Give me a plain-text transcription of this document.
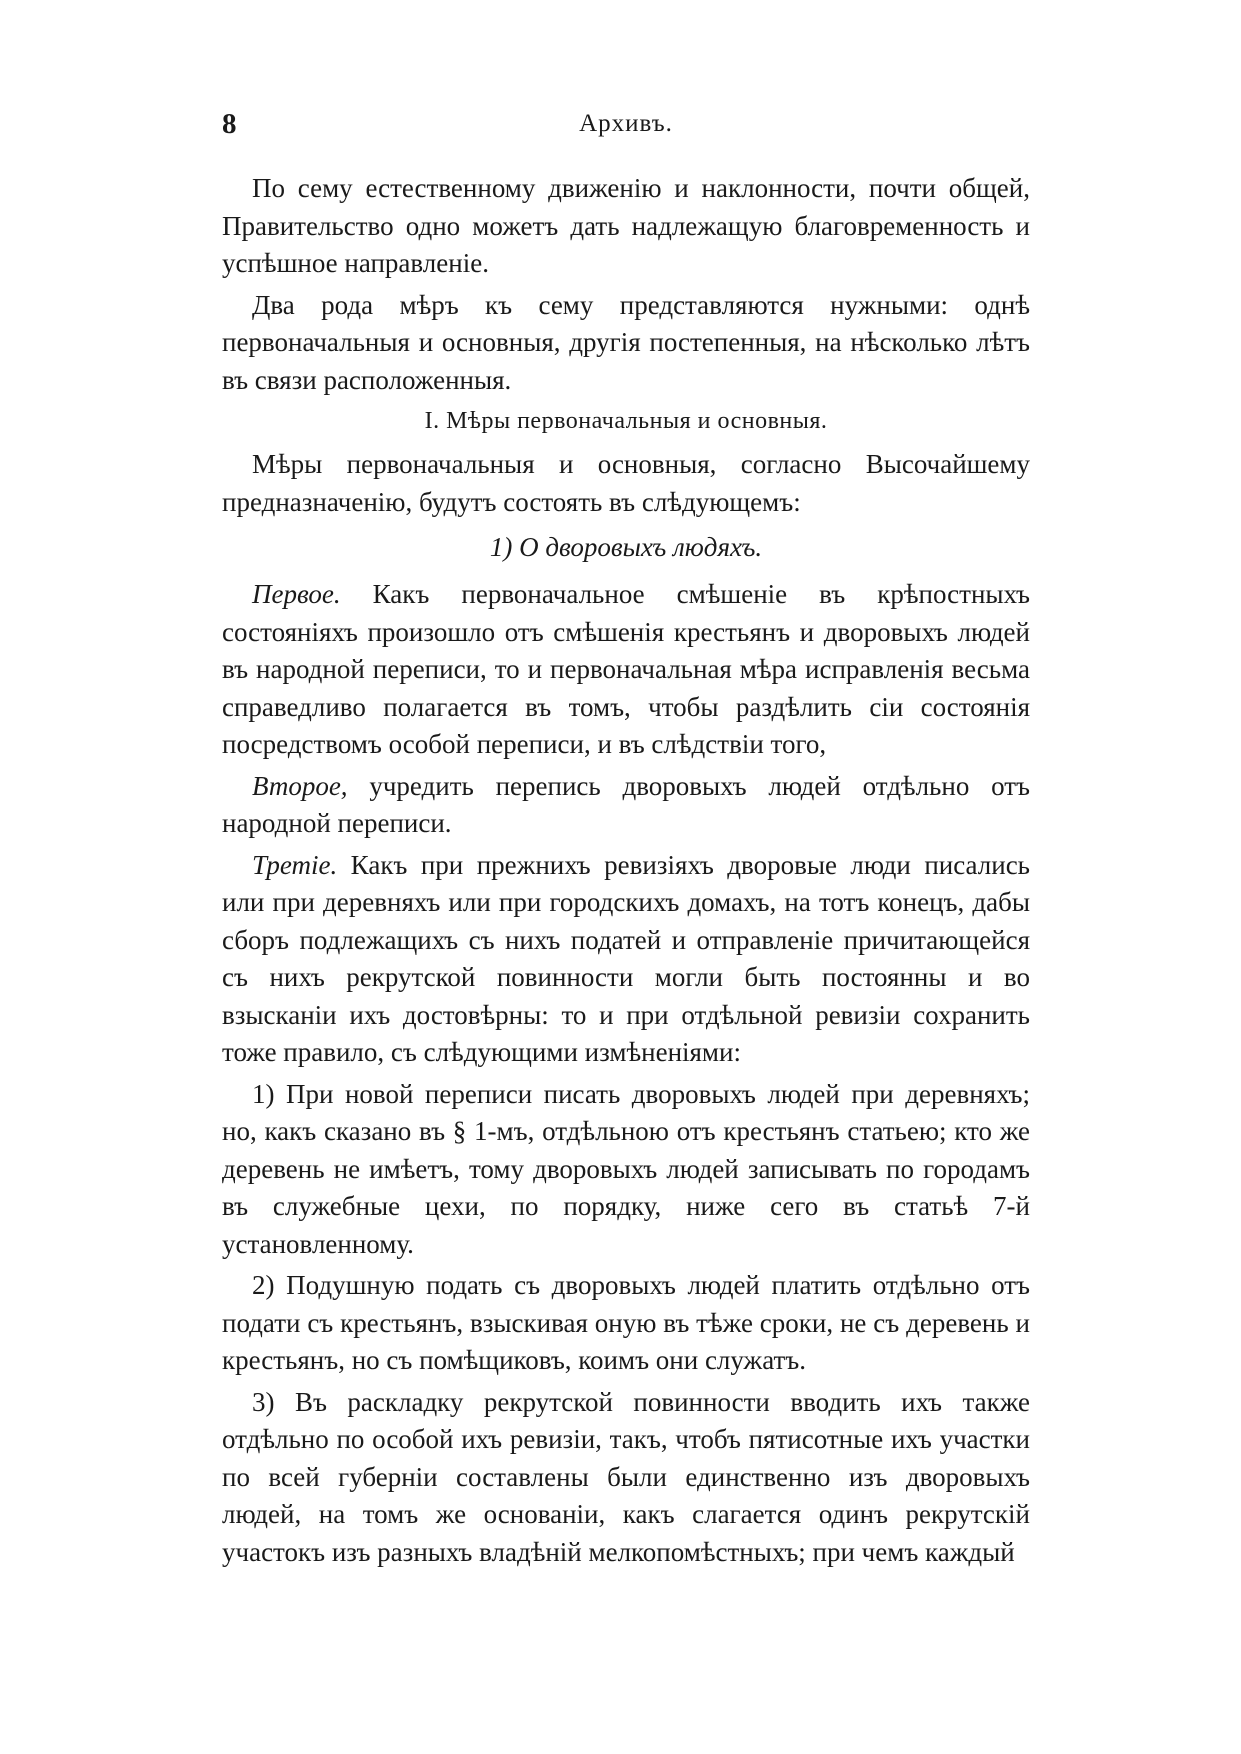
8	Архивъ.

По сему естественному движенію и наклонности, почти общей, Правительство одно можетъ дать надлежащую благовременность и успѣшное направленіе.

Два рода мѣръ къ сему представляются нужными: однѣ первоначальныя и основныя, другія постепенныя, на нѣсколько лѣтъ въ связи расположенныя.

I. Мѣры первоначальныя и основныя.

Мѣры первоначальныя и основныя, согласно Высочайшему предназначенію, будутъ состоять въ слѣдующемъ:

1) О дворовыхъ людяхъ.

Первое. Какъ первоначальное смѣшеніе въ крѣпостныхъ состояніяхъ произошло отъ смѣшенія крестьянъ и дворовыхъ людей въ народной переписи, то и первоначальная мѣра исправленія весьма справедливо полагается въ томъ, чтобы раздѣлить сіи состоянія посредствомъ особой переписи, и въ слѣдствіи того,

Второе, учредить перепись дворовыхъ людей отдѣльно отъ народной переписи.

Третіе. Какъ при прежнихъ ревизіяхъ дворовые люди писались или при деревняхъ или при городскихъ домахъ, на тотъ конецъ, дабы сборъ подлежащихъ съ нихъ податей и отправленіе причитающейся съ нихъ рекрутской повинности могли быть постоянны и во взысканіи ихъ достовѣрны: то и при отдѣльной ревизіи сохранить тоже правило, съ слѣдующими измѣненіями:

1) При новой переписи писать дворовыхъ людей при деревняхъ; но, какъ сказано въ § 1-мъ, отдѣльною отъ крестьянъ статьею; кто же деревень не имѣетъ, тому дворовыхъ людей записывать по городамъ въ служебные цехи, по порядку, ниже сего въ статьѣ 7-й установленному.

2) Подушную подать съ дворовыхъ людей платить отдѣльно отъ подати съ крестьянъ, взыскивая оную въ тѣже сроки, не съ деревень и крестьянъ, но съ помѣщиковъ, коимъ они служатъ.

3) Въ раскладку рекрутской повинности вводить ихъ также отдѣльно по особой ихъ ревизіи, такъ, чтобъ пятисотные ихъ участки по всей губерніи составлены были единственно изъ дворовыхъ людей, на томъ же основаніи, какъ слагается одинъ рекрутскій участокъ изъ разныхъ владѣній мелкопомѣстныхъ; при чемъ каждый
